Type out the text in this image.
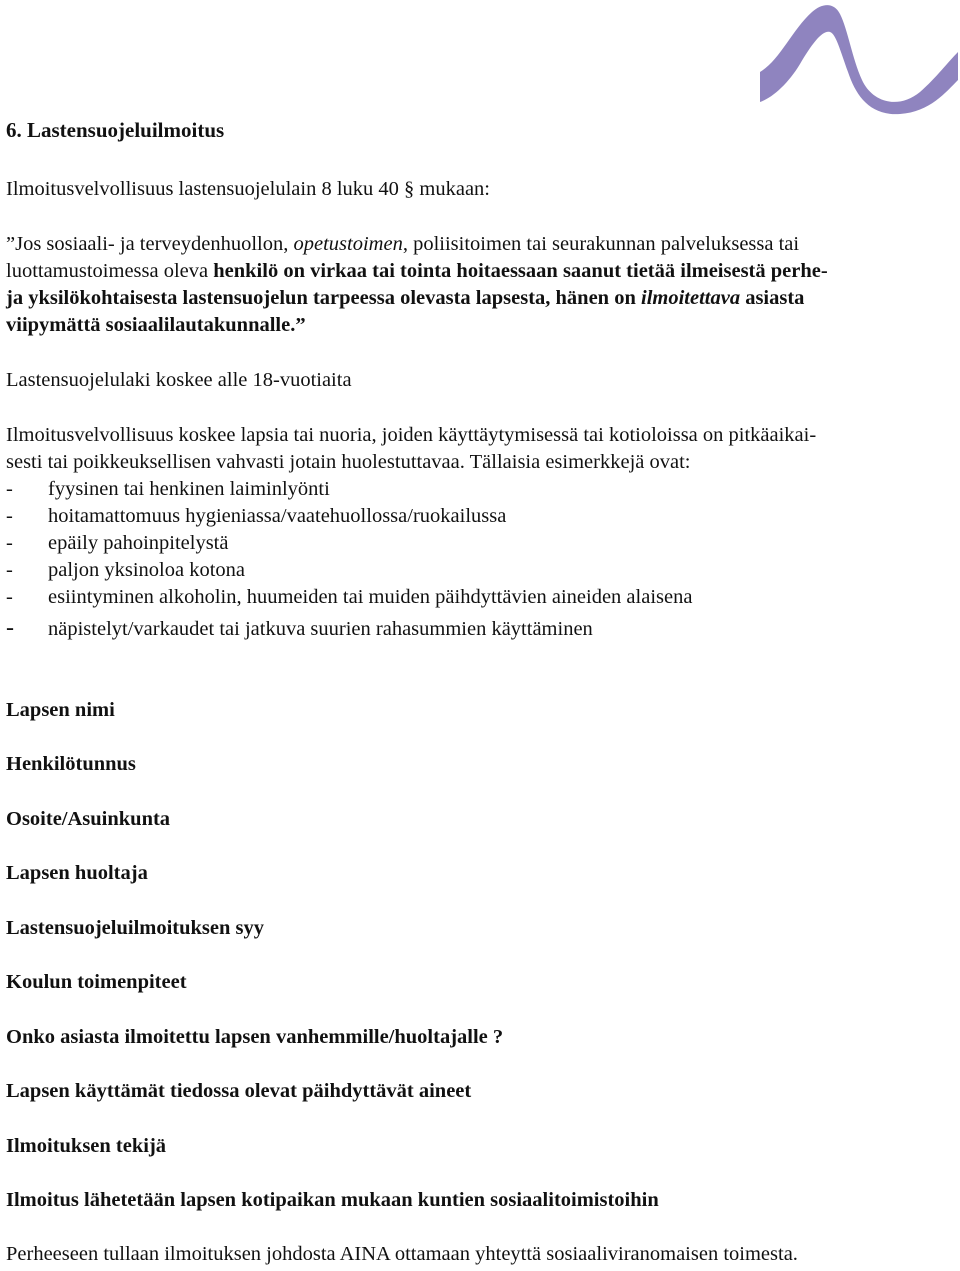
6. Lastensuojeluilmoitus
Ilmoitusvelvollisuus lastensuojelulain 8 luku 40 § mukaan:
”Jos sosiaali- ja terveydenhuollon, opetustoimen, poliisitoimen tai seurakunnan palveluksessa tai
luottamustoimessa oleva henkilö on virkaa tai tointa hoitaessaan saanut tietää ilmeisestä perhe-
ja yksilökohtaisesta lastensuojelun tarpeessa olevasta lapsesta, hänen on ilmoitettava asiasta
viipymättä sosiaalilautakunnalle.”
Lastensuojelulaki koskee alle 18-vuotiaita
Ilmoitusvelvollisuus koskee lapsia tai nuoria, joiden käyttäytymisessä tai kotioloissa on pitkäaikai-
sesti tai poikkeuksellisen vahvasti jotain huolestuttavaa. Tällaisia esimerkkejä ovat:
- fyysinen tai henkinen laiminlyönti
- hoitamattomuus hygieniassa/vaatehuollossa/ruokailussa
- epäily pahoinpitelystä
- paljon yksinoloa kotona
- esiintyminen alkoholin, huumeiden tai muiden päihdyttävien aineiden alaisena
- näpistelyt/varkaudet tai jatkuva suurien rahasummien käyttäminen
Lapsen nimi
Henkilötunnus
Osoite/Asuinkunta
Lapsen huoltaja
Lastensuojeluilmoituksen syy
Koulun toimenpiteet
Onko asiasta ilmoitettu lapsen vanhemmille/huoltajalle ?
Lapsen käyttämät tiedossa olevat päihdyttävät aineet
Ilmoituksen tekijä
Ilmoitus lähetetään lapsen kotipaikan mukaan kuntien sosiaalitoimistoihin
Perheeseen tullaan ilmoituksen johdosta AINA ottamaan yhteyttä sosiaaliviranomaisen toimesta.
